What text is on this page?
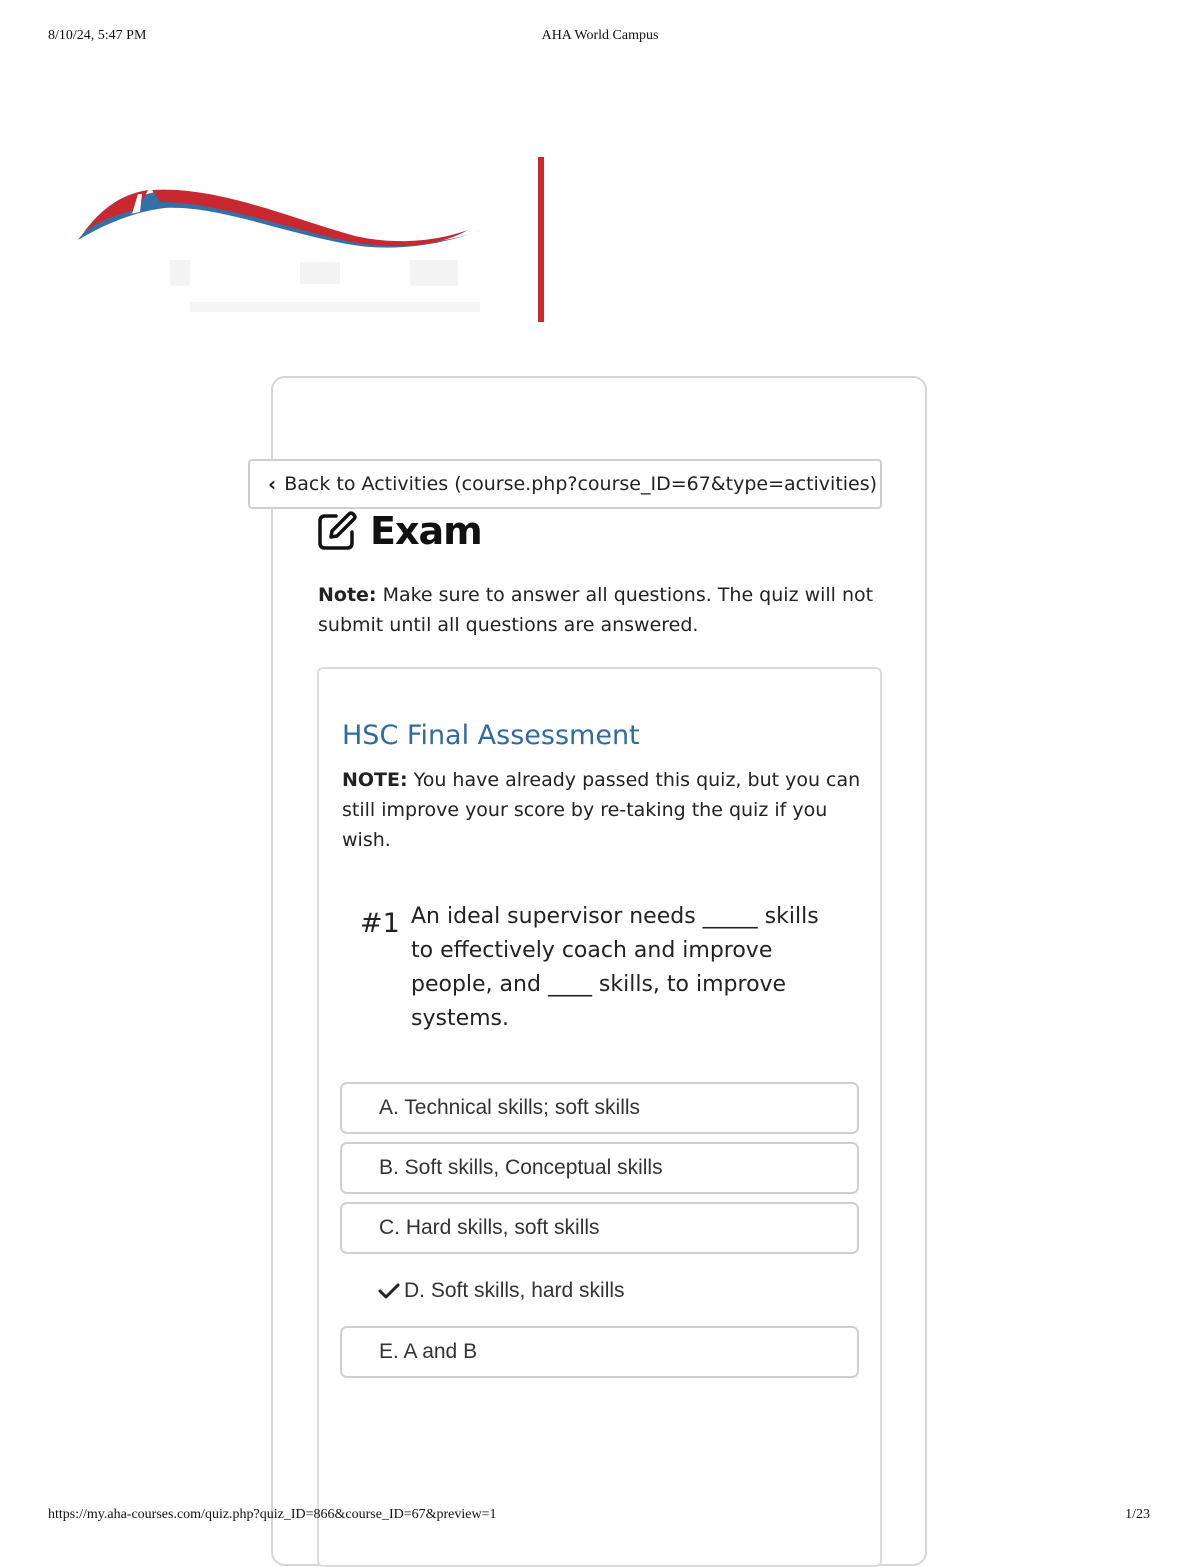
8/10/24, 5:47 PM	AHA World Campus
‹ Back to Activities (course.php?course_ID=67&type=activities)
Exam
Note: Make sure to answer all questions. The quiz will not submit until all questions are answered.
HSC Final Assessment
NOTE: You have already passed this quiz, but you can still improve your score by re-taking the quiz if you wish.
#1 An ideal supervisor needs _____ skills to effectively coach and improve people, and ____ skills, to improve systems.
A. Technical skills; soft skills
B. Soft skills, Conceptual skills
C. Hard skills, soft skills
D. Soft skills, hard skills
E. A and B
https://my.aha-courses.com/quiz.php?quiz_ID=866&course_ID=67&preview=1	1/23
